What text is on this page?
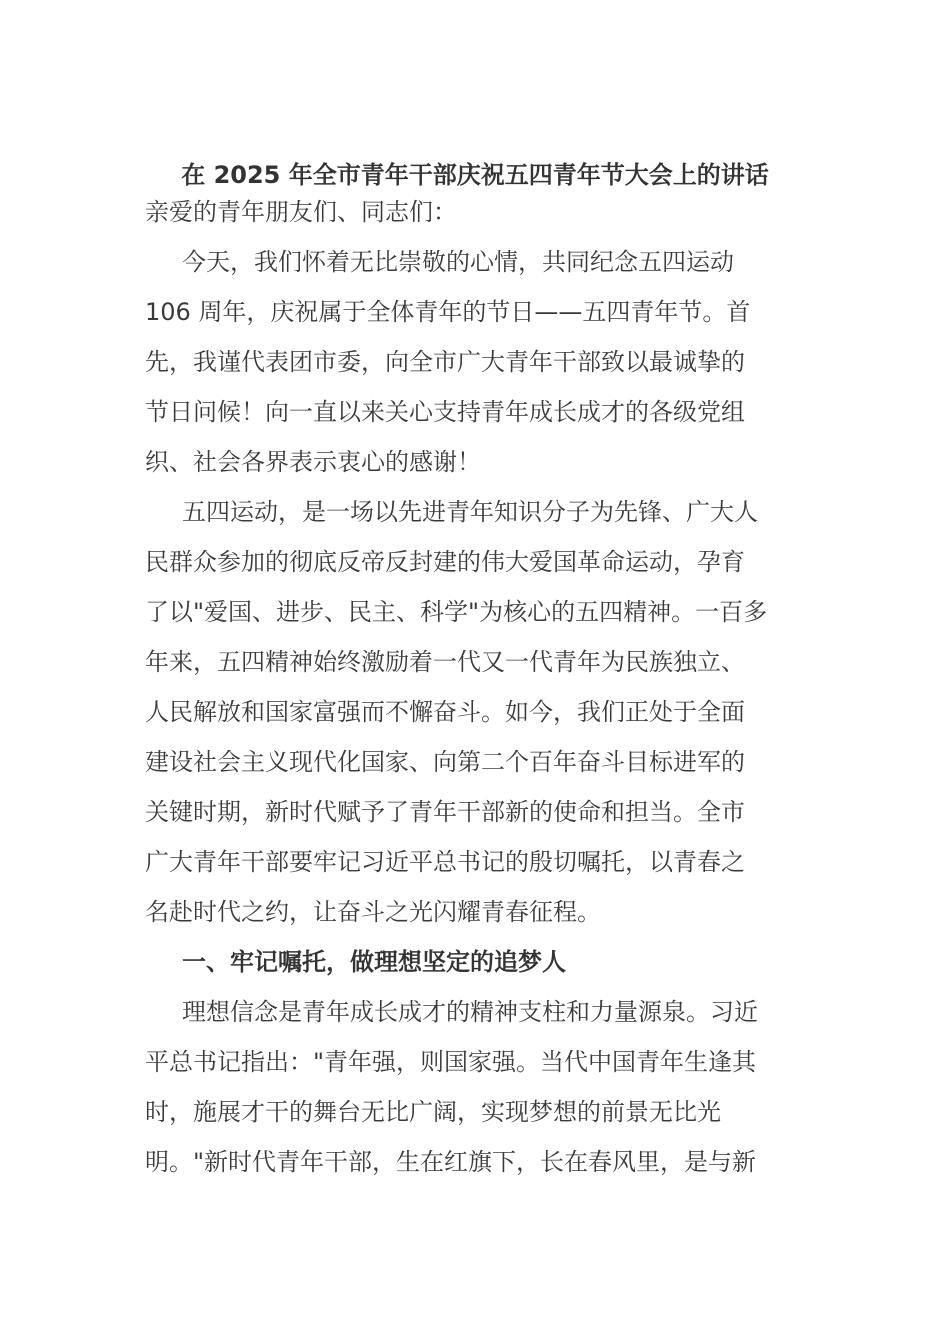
在 2025 年全市青年干部庆祝五四青年节大会上的讲话

亲爱的青年朋友们、同志们：

今天，我们怀着无比崇敬的心情，共同纪念五四运动
106 周年，庆祝属于全体青年的节日——五四青年节。首
先，我谨代表团市委，向全市广大青年干部致以最诚挚的
节日问候！向一直以来关心支持青年成长成才的各级党组
织、社会各界表示衷心的感谢！

五四运动，是一场以先进青年知识分子为先锋、广大人
民群众参加的彻底反帝反封建的伟大爱国革命运动，孕育
了以"爱国、进步、民主、科学"为核心的五四精神。一百多
年来，五四精神始终激励着一代又一代青年为民族独立、
人民解放和国家富强而不懈奋斗。如今，我们正处于全面
建设社会主义现代化国家、向第二个百年奋斗目标进军的
关键时期，新时代赋予了青年干部新的使命和担当。全市
广大青年干部要牢记习近平总书记的殷切嘱托，以青春之
名赴时代之约，让奋斗之光闪耀青春征程。

一、牢记嘱托，做理想坚定的追梦人

理想信念是青年成长成才的精神支柱和力量源泉。习近
平总书记指出："青年强，则国家强。当代中国青年生逢其
时，施展才干的舞台无比广阔，实现梦想的前景无比光
明。"新时代青年干部，生在红旗下，长在春风里，是与新
